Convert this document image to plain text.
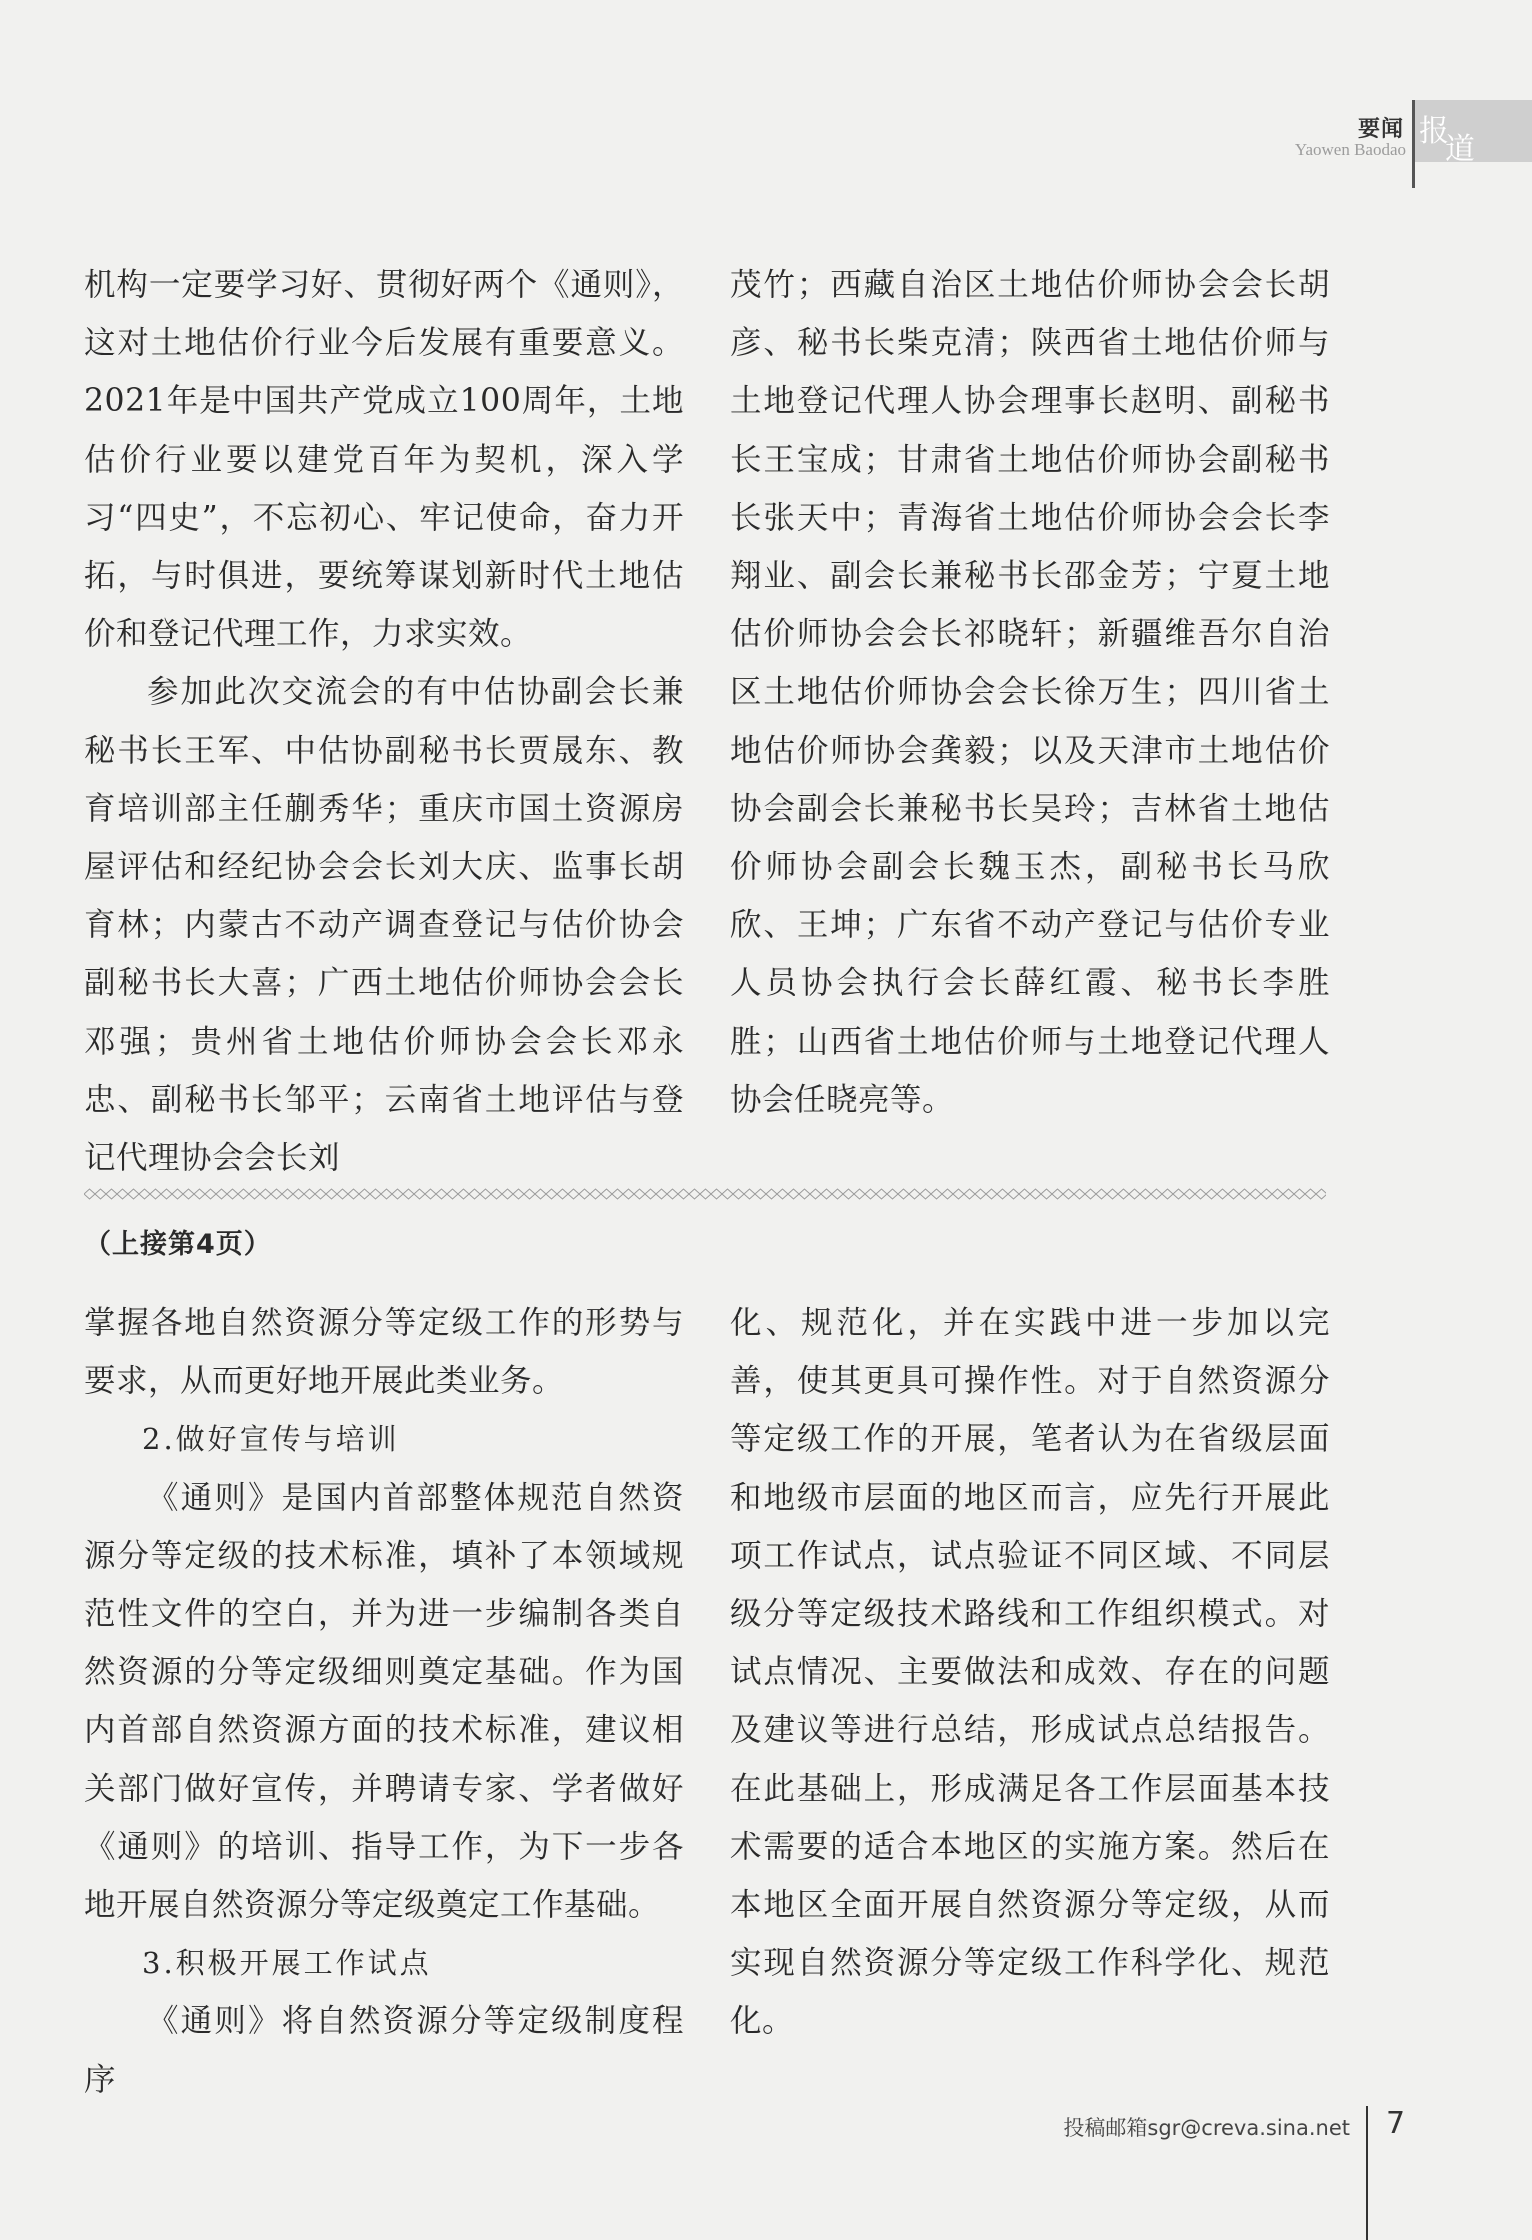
要闻
Yaowen Baodao
报
道

机构一定要学习好、贯彻好两个《通则》，这对土地估价行业今后发展有重要意义。2021年是中国共产党成立100周年，土地估价行业要以建党百年为契机，深入学习“四史”，不忘初心、牢记使命，奋力开拓，与时俱进，要统筹谋划新时代土地估价和登记代理工作，力求实效。

参加此次交流会的有中估协副会长兼秘书长王军、中估协副秘书长贾晟东、教育培训部主任蒯秀华；重庆市国土资源房屋评估和经纪协会会长刘大庆、监事长胡育林；内蒙古不动产调查登记与估价协会副秘书长大喜；广西土地估价师协会会长邓强；贵州省土地估价师协会会长邓永忠、副秘书长邹平；云南省土地评估与登记代理协会会长刘

茂竹；西藏自治区土地估价师协会会长胡彦、秘书长柴克清；陕西省土地估价师与土地登记代理人协会理事长赵明、副秘书长王宝成；甘肃省土地估价师协会副秘书长张天中；青海省土地估价师协会会长李翔业、副会长兼秘书长邵金芳；宁夏土地估价师协会会长祁晓轩；新疆维吾尔自治区土地估价师协会会长徐万生；四川省土地估价师协会龚毅；以及天津市土地估价协会副会长兼秘书长吴玲；吉林省土地估价师协会副会长魏玉杰，副秘书长马欣欣、王坤；广东省不动产登记与估价专业人员协会执行会长薛红霞、秘书长李胜胜；山西省土地估价师与土地登记代理人协会任晓亮等。

（上接第4页）

掌握各地自然资源分等定级工作的形势与要求，从而更好地开展此类业务。

2.做好宣传与培训

《通则》是国内首部整体规范自然资源分等定级的技术标准，填补了本领域规范性文件的空白，并为进一步编制各类自然资源的分等定级细则奠定基础。作为国内首部自然资源方面的技术标准，建议相关部门做好宣传，并聘请专家、学者做好《通则》的培训、指导工作，为下一步各地开展自然资源分等定级奠定工作基础。

3.积极开展工作试点

《通则》将自然资源分等定级制度程序

化、规范化，并在实践中进一步加以完善，使其更具可操作性。对于自然资源分等定级工作的开展，笔者认为在省级层面和地级市层面的地区而言，应先行开展此项工作试点，试点验证不同区域、不同层级分等定级技术路线和工作组织模式。对试点情况、主要做法和成效、存在的问题及建议等进行总结，形成试点总结报告。在此基础上，形成满足各工作层面基本技术需要的适合本地区的实施方案。然后在本地区全面开展自然资源分等定级，从而实现自然资源分等定级工作科学化、规范化。

投稿邮箱sgr@creva.sina.net 7
